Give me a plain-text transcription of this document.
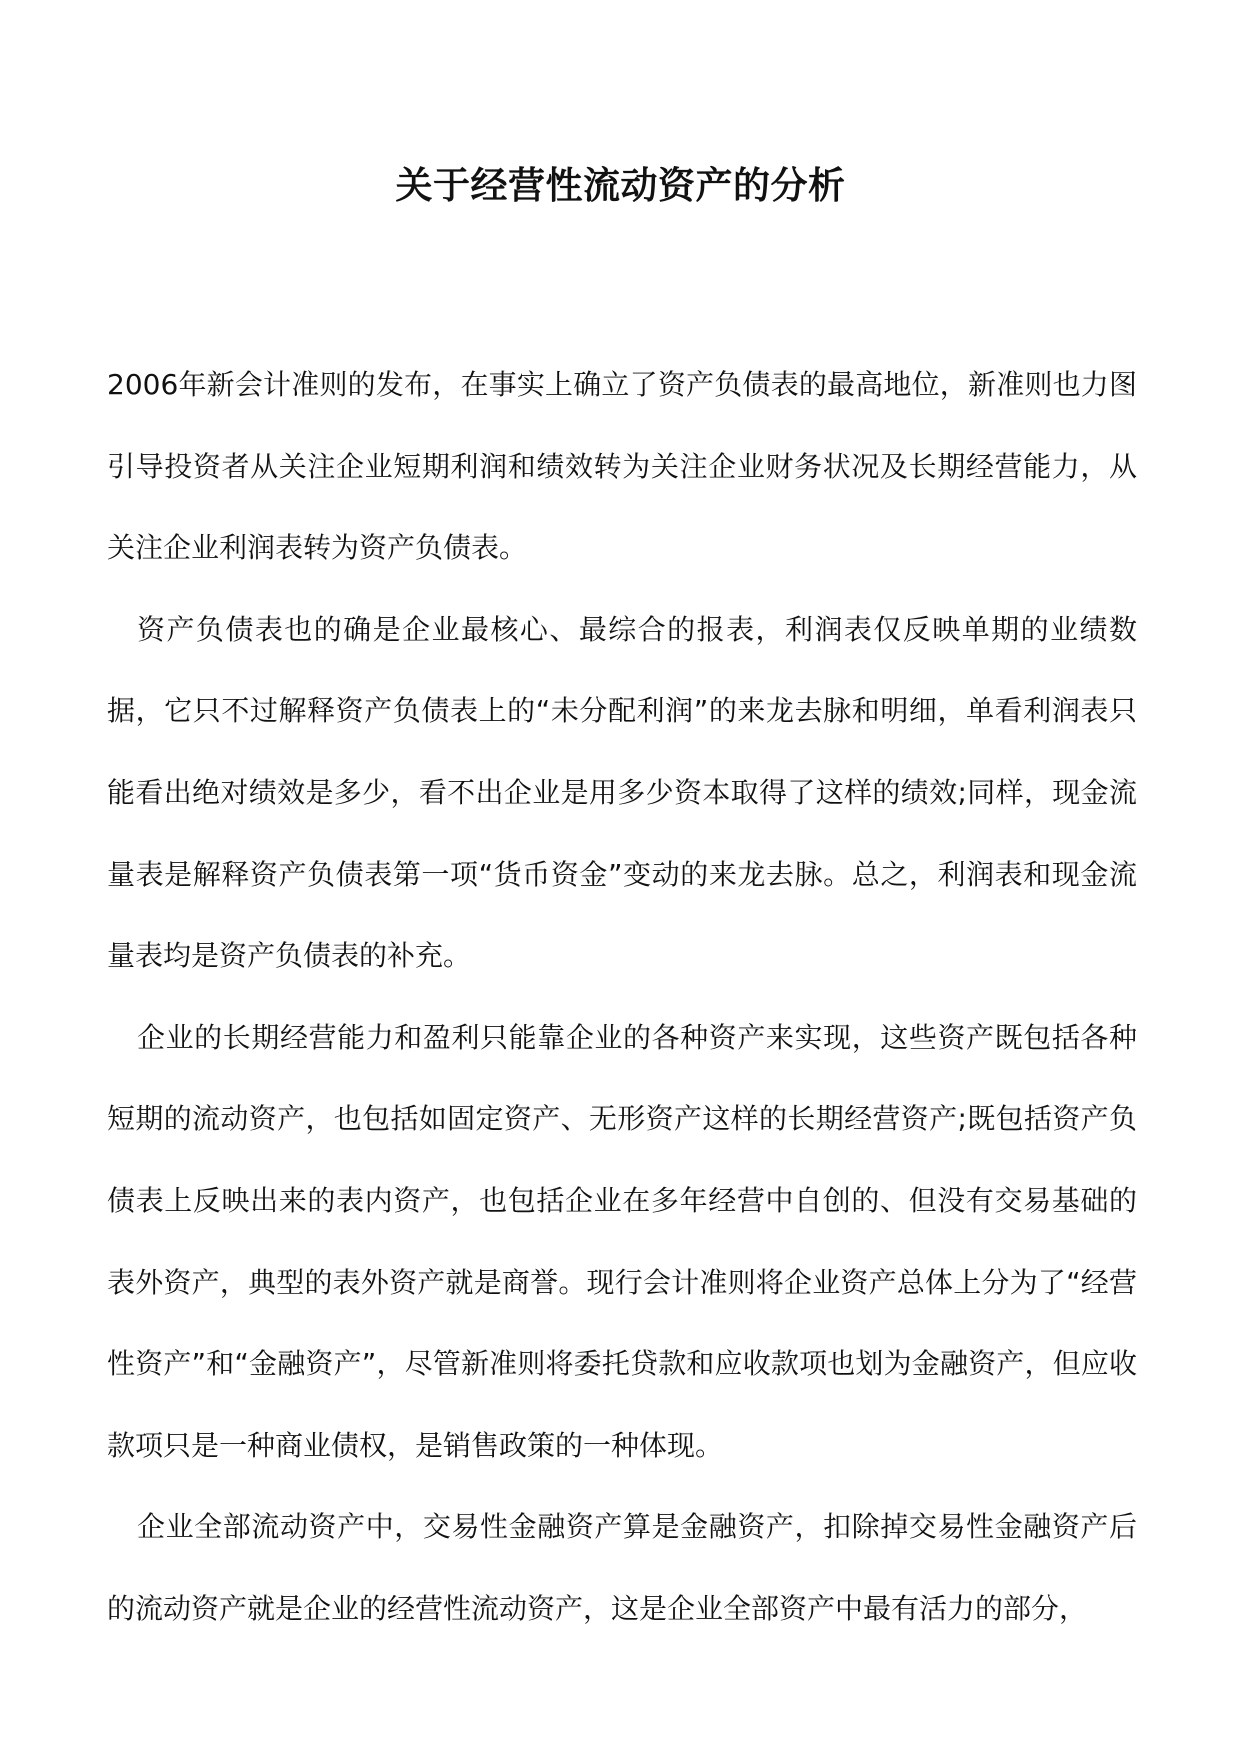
关于经营性流动资产的分析

2006年新会计准则的发布，在事实上确立了资产负债表的最高地位，新准则也力图引导投资者从关注企业短期利润和绩效转为关注企业财务状况及长期经营能力，从关注企业利润表转为资产负债表。

资产负债表也的确是企业最核心、最综合的报表，利润表仅反映单期的业绩数据，它只不过解释资产负债表上的“未分配利润”的来龙去脉和明细，单看利润表只能看出绝对绩效是多少，看不出企业是用多少资本取得了这样的绩效;同样，现金流量表是解释资产负债表第一项“货币资金”变动的来龙去脉。总之，利润表和现金流量表均是资产负债表的补充。

企业的长期经营能力和盈利只能靠企业的各种资产来实现，这些资产既包括各种短期的流动资产，也包括如固定资产、无形资产这样的长期经营资产;既包括资产负债表上反映出来的表内资产，也包括企业在多年经营中自创的、但没有交易基础的表外资产，典型的表外资产就是商誉。现行会计准则将企业资产总体上分为了“经营性资产”和“金融资产”，尽管新准则将委托贷款和应收款项也划为金融资产，但应收款项只是一种商业债权，是销售政策的一种体现。

企业全部流动资产中，交易性金融资产算是金融资产，扣除掉交易性金融资产后的流动资产就是企业的经营性流动资产，这是企业全部资产中最有活力的部分，
